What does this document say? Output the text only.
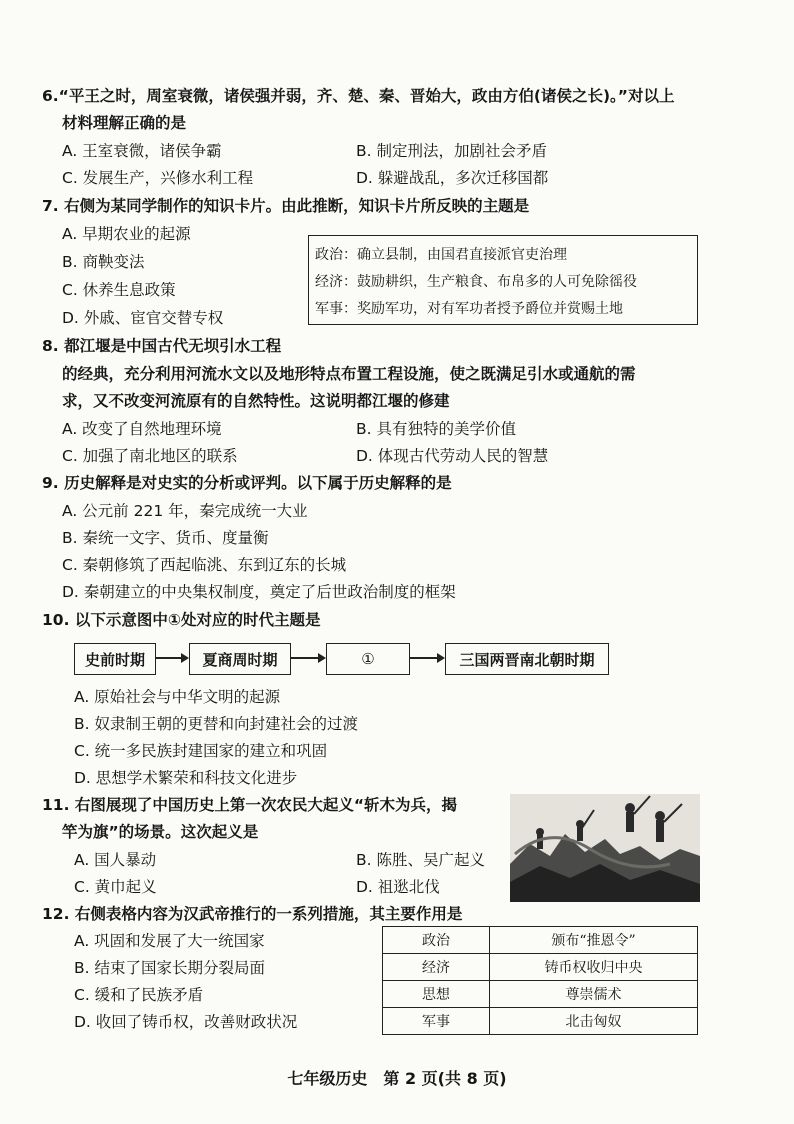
6.“平王之时，周室衰微，诸侯强并弱，齐、楚、秦、晋始大，政由方伯(诸侯之长)。”对以上
材料理解正确的是
A. 王室衰微，诸侯争霸	B. 制定刑法，加剧社会矛盾
C. 发展生产，兴修水利工程	D. 躲避战乱，多次迁移国都
7. 右侧为某同学制作的知识卡片。由此推断，知识卡片所反映的主题是
A. 早期农业的起源
B. 商鞅变法
C. 休养生息政策
D. 外戚、宦官交替专权
政治：确立县制，由国君直接派官吏治理
经济：鼓励耕织，生产粮食、布帛多的人可免除徭役
军事：奖励军功，对有军功者授予爵位并赏赐土地
8. 都江堰是中国古代无坝引水工程
的经典，充分利用河流水文以及地形特点布置工程设施，使之既满足引水或通航的需
求，又不改变河流原有的自然特性。这说明都江堰的修建
A. 改变了自然地理环境	B. 具有独特的美学价值
C. 加强了南北地区的联系	D. 体现古代劳动人民的智慧
9. 历史解释是对史实的分析或评判。以下属于历史解释的是
A. 公元前 221 年，秦完成统一大业
B. 秦统一文字、货币、度量衡
C. 秦朝修筑了西起临洮、东到辽东的长城
D. 秦朝建立的中央集权制度，奠定了后世政治制度的框架
10. 以下示意图中①处对应的时代主题是
史前时期	夏商周时期	①	三国两晋南北朝时期
A. 原始社会与中华文明的起源
B. 奴隶制王朝的更替和向封建社会的过渡
C. 统一多民族封建国家的建立和巩固
D. 思想学术繁荣和科技文化进步
11. 右图展现了中国历史上第一次农民大起义“斩木为兵，揭
竿为旗”的场景。这次起义是
A. 国人暴动	B. 陈胜、吴广起义
C. 黄巾起义	D. 祖逖北伐
12. 右侧表格内容为汉武帝推行的一系列措施，其主要作用是
A. 巩固和发展了大一统国家
B. 结束了国家长期分裂局面
C. 缓和了民族矛盾
D. 收回了铸币权，改善财政状况
政治	颁布“推恩令”
经济	铸币权收归中央
思想	尊崇儒术
军事	北击匈奴
七年级历史　第 2 页(共 8 页)
